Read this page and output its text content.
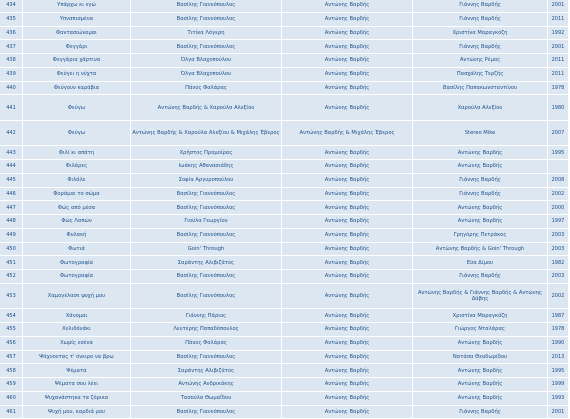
434	Υπάρχω κι εγώ	Βασίλης Γιαννόπουλος	Αντώνης Βαρδής	Γιάννης Βαρδής	2001
435	Υπναπισμένα	Βασίλης Γιαννόπουλος	Αντώνης Βαρδής	Γιάννης Βαρδής	2011
436	Φαντασιώνομαι	Τιτίκα Λόγερη	Αντώνης Βαρδής	Χριστίνα Μαραγκόζη	1992
437	Φεγγάρι	Βασίλης Γιαννόπουλος	Αντώνης Βαρδής	Γιάννης Βαρδής	2001
438	Φεγγάρια χάρτινα	Όλγα Βλαχοπούλου	Αντώνης Βαρδής	Αντώνης Ρέμος	2011
439	Φεύγει η νύχτα	Όλγα Βλαχοπούλου	Αντώνης Βαρδής	Πασχάλης Τερζής	2011
440	Φεύγουν καράβια	Πάνος Φαλάρας	Αντώνης Βαρδής	Βασίλης Παπακωνσταντίνου	1978
441	Φεύγω	Αντώνης Βαρδής & Χαρούλα Αλεξίου	Αντώνης Βαρδής	Χαρούλα Αλεξίου	1980
442	Φεύγω	Αντώνης Βαρδής & Χαρούλα Αλεξίου & Μιχάλης Έβερος	Αντώνης Βαρδής & Μιχάλης Έβερος	Stereo Mike	2007
443	Φιλί κι απάτη	Χρήστος Προμοίρας	Αντώνης Βαρδής	Αντώνης Βαρδής	1995
444	Φιλάρες	Ιωάκης Αθανασιάδης	Αντώνης Βαρδής	Αντώνης Βαρδής	
445	Φιλάλε	Σοφία Αργυροπούλου	Αντώνης Βαρδής	Γιάννης Βαρδής	2008
446	Φοράμαι το σώμα	Βασίλης Γιαννόπουλος	Αντώνης Βαρδής	Γιάννης Βαρδής	2002
447	Φώς από μέσα	Βασίλης Γιαννόπουλος	Αντώνης Βαρδής	Αντώνης Βαρδής	2000
448	Φώς Λαπών	Γιούλα Γεωργίου	Αντώνης Βαρδής	Αντώνης Βαρδής	1997
449	Φυλακή	Βασίλης Γιαννόπουλος	Αντώνης Βαρδής	Γρηγόρης Πετράκος	2003
450	Φωτιά	Goin' Through	Αντώνης Βαρδής	Αντώνης Βαρδής & Goin' Through	2003
451	Φωτογραφία	Σαράντης Αλιβιζάτος	Αντώνης Βαρδής	Εύα Δίμου	1982
452	Φωτογραφία	Βασίλης Γιαννόπουλος	Αντώνης Βαρδής	Γιάννης Βαρδής	2003
453	Χαμογέλασε ψυχή μου	Βασίλης Γιαννόπουλος	Αντώνης Βαρδής	Αντώνης Βαρδής & Γιάννης Βαρδής & Αντώνης Δάβης	2002
454	Χάνομαι	Γιάννης Πάριος	Αντώνης Βαρδής	Χριστίνα Μαραγκόζη	1987
455	Χελιδόνάκι	Λευτέρης Παπαδόπουλος	Αντώνης Βαρδής	Γιώργος Νταλάρας	1978
456	Χωρίς εσένα	Πάνος Φαλάρας	Αντώνης Βαρδής	Αντώνης Βαρδής	1990
457	Ψάχνοντας τ' όνειρο να βρω	Βασίλης Γιαννόπουλος	Αντώνης Βαρδής	Νατάσα Θεοδωρίδου	2013
458	Ψέματα	Σαράντης Αλιβιζάτος	Αντώνης Βαρδής	Αντώνης Βαρδής	1995
459	Ψέματα σου λέει	Αντώνης Ανδρικάκης	Αντώνης Βαρδής	Αντώνης Βαρδής	1999
460	Ψυχανάστηκα τα ζόρικα	Τασούλα Θωμαΐδου	Αντώνης Βαρδής	Αντώνης Βαρδής	1993
461	Ψυχή μου, καρδιά μου	Βασίλης Γιαννόπουλος	Αντώνης Βαρδής	Γιάννης Βαρδής	2001
